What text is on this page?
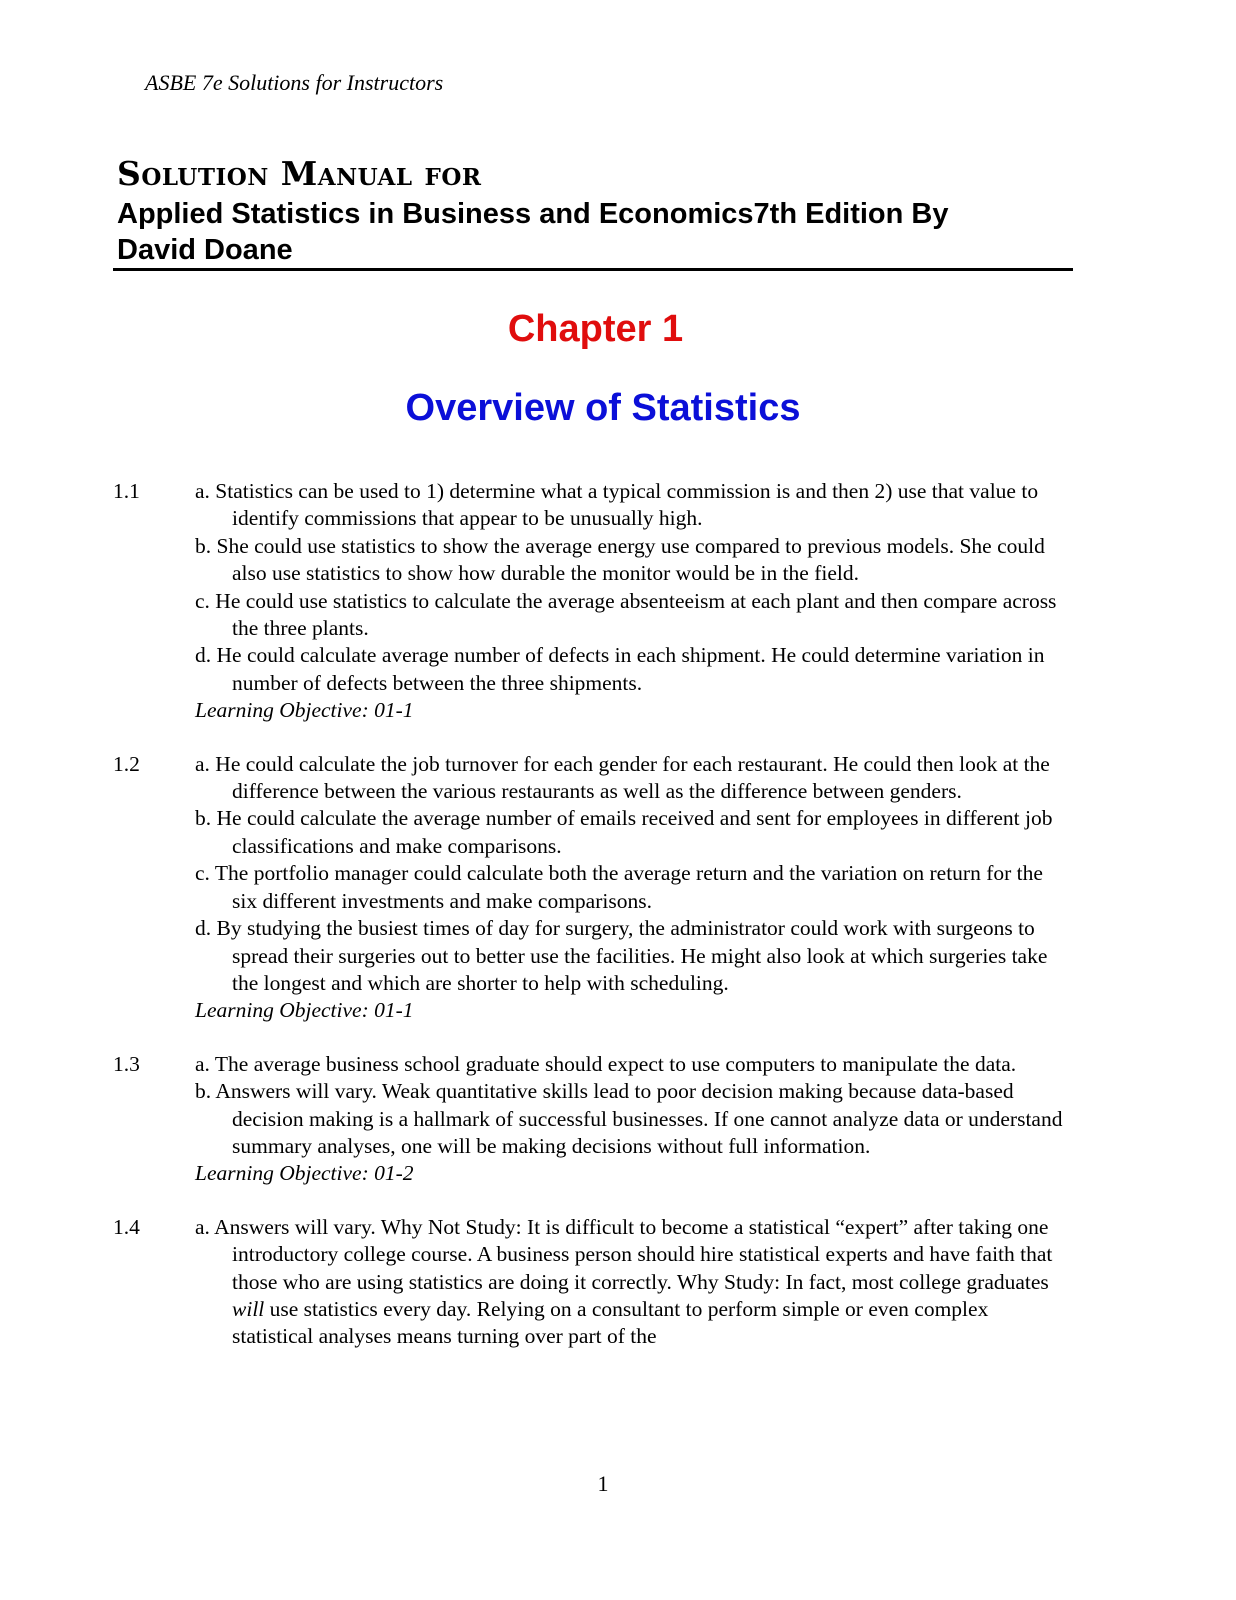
ASBE 7e Solutions for Instructors
Solution Manual for
Applied Statistics in Business and Economics7th Edition By
David Doane
Chapter 1
Overview of Statistics
1.1	a. Statistics can be used to 1) determine what a typical commission is and then 2) use that value to identify commissions that appear to be unusually high.
b. She could use statistics to show the average energy use compared to previous models. She could also use statistics to show how durable the monitor would be in the field.
c. He could use statistics to calculate the average absenteeism at each plant and then compare across the three plants.
d. He could calculate average number of defects in each shipment. He could determine variation in number of defects between the three shipments.
Learning Objective: 01-1
1.2	a. He could calculate the job turnover for each gender for each restaurant. He could then look at the difference between the various restaurants as well as the difference between genders.
b. He could calculate the average number of emails received and sent for employees in different job classifications and make comparisons.
c. The portfolio manager could calculate both the average return and the variation on return for the six different investments and make comparisons.
d. By studying the busiest times of day for surgery, the administrator could work with surgeons to spread their surgeries out to better use the facilities. He might also look at which surgeries take the longest and which are shorter to help with scheduling.
Learning Objective: 01-1
1.3	a. The average business school graduate should expect to use computers to manipulate the data.
b. Answers will vary. Weak quantitative skills lead to poor decision making because data-based decision making is a hallmark of successful businesses. If one cannot analyze data or understand summary analyses, one will be making decisions without full information.
Learning Objective: 01-2
1.4	a. Answers will vary. Why Not Study: It is difficult to become a statistical “expert” after taking one introductory college course. A business person should hire statistical experts and have faith that those who are using statistics are doing it correctly. Why Study: In fact, most college graduates will use statistics every day. Relying on a consultant to perform simple or even complex statistical analyses means turning over part of the
1
